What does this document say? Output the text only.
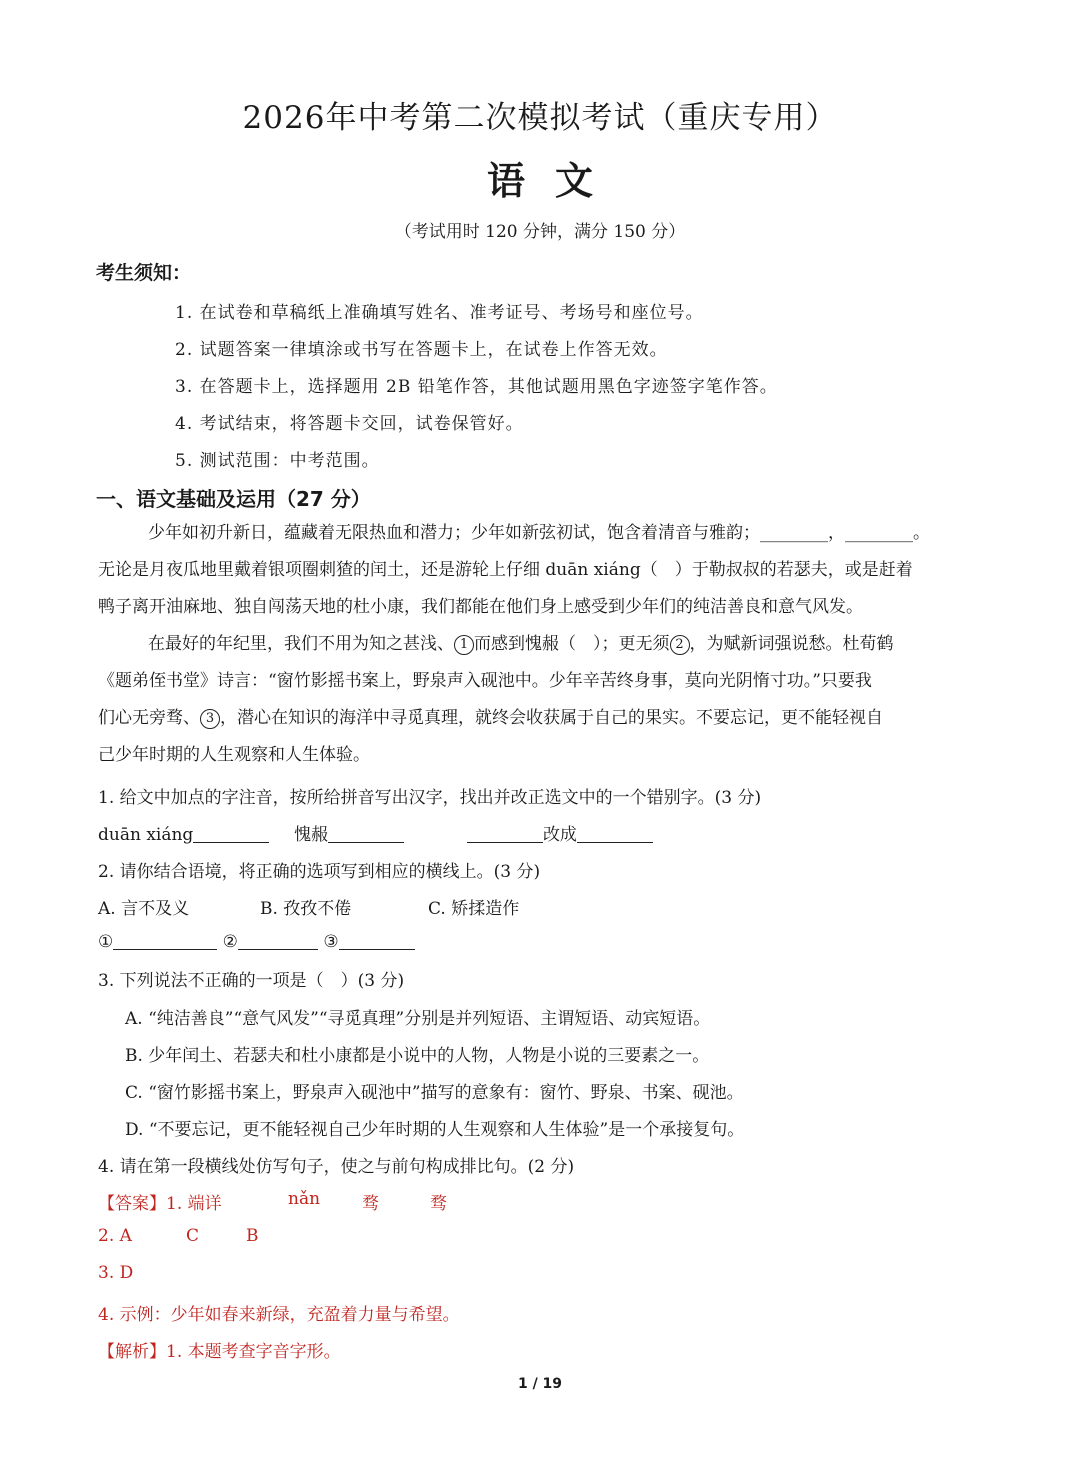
2026年中考第二次模拟考试（重庆专用）
语文
（考试用时 120 分钟，满分 150 分）
考生须知：
1. 在试卷和草稿纸上准确填写姓名、准考证号、考场号和座位号。
2. 试题答案一律填涂或书写在答题卡上，在试卷上作答无效。
3. 在答题卡上，选择题用 2B 铅笔作答，其他试题用黑色字迹签字笔作答。
4. 考试结束，将答题卡交回，试卷保管好。
5. 测试范围：中考范围。
一、语文基础及运用（27 分）
少年如初升新日，蕴藏着无限热血和潜力；少年如新弦初试，饱含着清音与雅韵；________，________。
无论是月夜瓜地里戴着银项圈刺猹的闰土，还是游轮上仔细 duān xiáng（　）于勒叔叔的若瑟夫，或是赶着
鸭子离开油麻地、独自闯荡天地的杜小康，我们都能在他们身上感受到少年们的纯洁善良和意气风发。
在最好的年纪里，我们不用为知之甚浅、 1 而感到愧赧（　）；更无须 2 ，为赋新词强说愁。杜荀鹤
《题弟侄书堂》诗言：“窗竹影摇书案上，野泉声入砚池中。少年辛苦终身事，莫向光阴惰寸功。”只要我
们心无旁骛、 3 ，潜心在知识的海洋中寻觅真理，就终会收获属于自己的果实。不要忘记，更不能轻视自
己少年时期的人生观察和人生体验。
1. 给文中加点的字注音，按所给拼音写出汉字，找出并改正选文中的一个错别字。(3 分)
duān xiáng	愧赧	改成
2. 请你结合语境，将正确的选项写到相应的横线上。(3 分)
A. 言不及义	B. 孜孜不倦	C. 矫揉造作
①	②	③
3. 下列说法不正确的一项是（　）(3 分)
A. “纯洁善良”“意气风发”“寻觅真理”分别是并列短语、主谓短语、动宾短语。
B. 少年闰土、若瑟夫和杜小康都是小说中的人物，人物是小说的三要素之一。
C. “窗竹影摇书案上，野泉声入砚池中”描写的意象有：窗竹、野泉、书案、砚池。
D. “不要忘记，更不能轻视自己少年时期的人生观察和人生体验”是一个承接复句。
4. 请在第一段横线处仿写句子，使之与前句构成排比句。(2 分)
【答案】1. 端详	nǎn 骛	骛
2. A	C	B
3. D
4. 示例：少年如春来新绿，充盈着力量与希望。
【解析】1. 本题考查字音字形。
1 / 19
